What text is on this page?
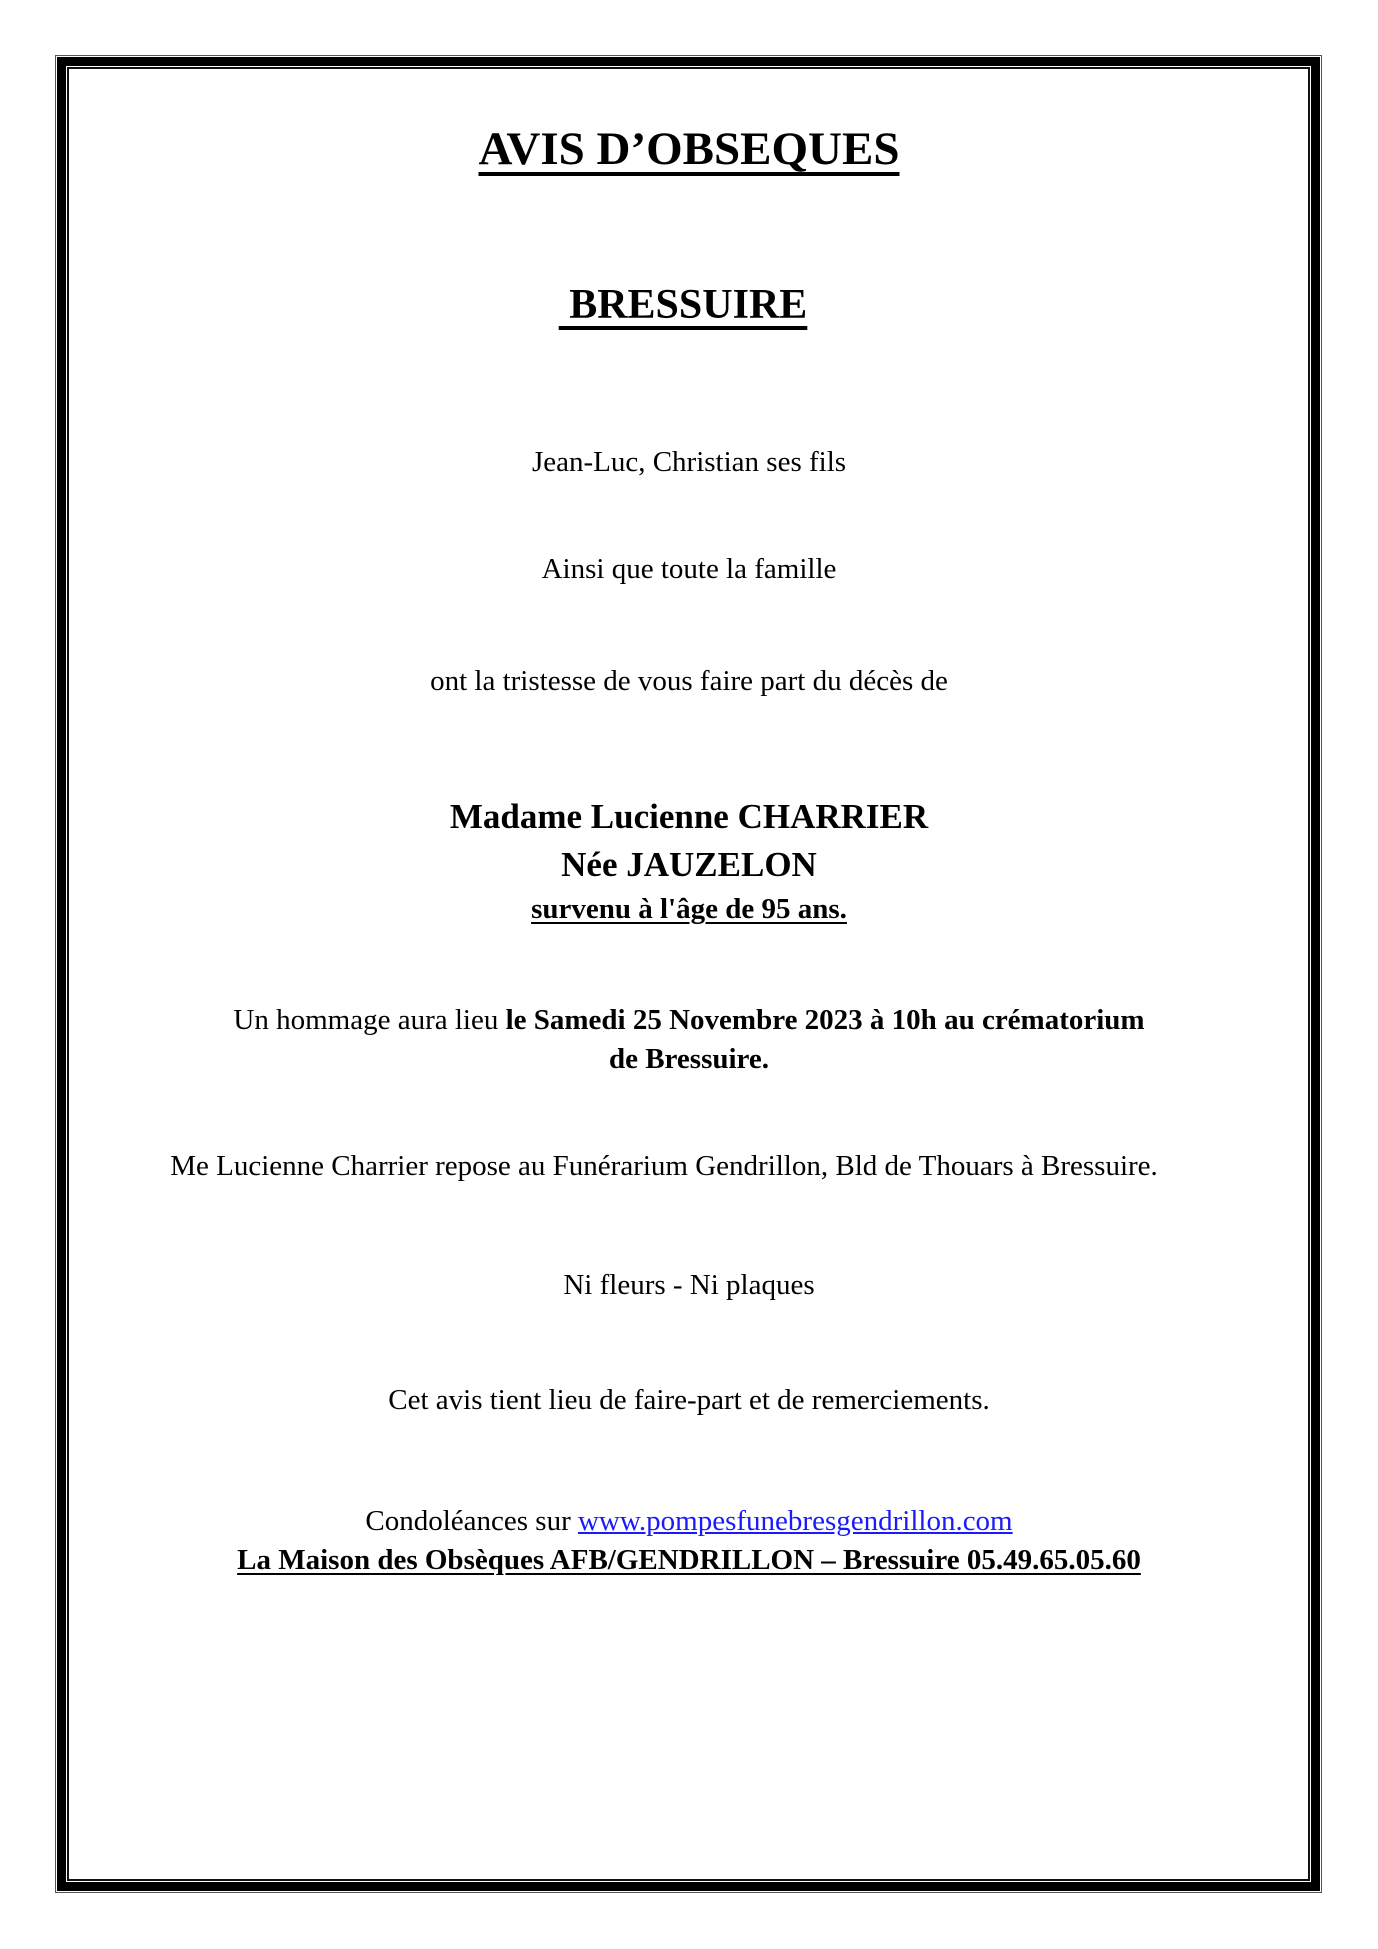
AVIS D’OBSEQUES
BRESSUIRE
Jean-Luc, Christian ses fils
Ainsi que toute la famille
ont la tristesse de vous faire part du décès de
Madame Lucienne CHARRIER
Née JAUZELON
survenu à l'âge de 95 ans.
Un hommage aura lieu le Samedi 25 Novembre 2023 à 10h au crématorium
de Bressuire.
Me Lucienne Charrier repose au Funérarium Gendrillon, Bld de Thouars à Bressuire.
Ni fleurs - Ni plaques
Cet avis tient lieu de faire-part et de remerciements.
Condoléances sur www.pompesfunebresgendrillon.com
La Maison des Obsèques AFB/GENDRILLON – Bressuire 05.49.65.05.60
